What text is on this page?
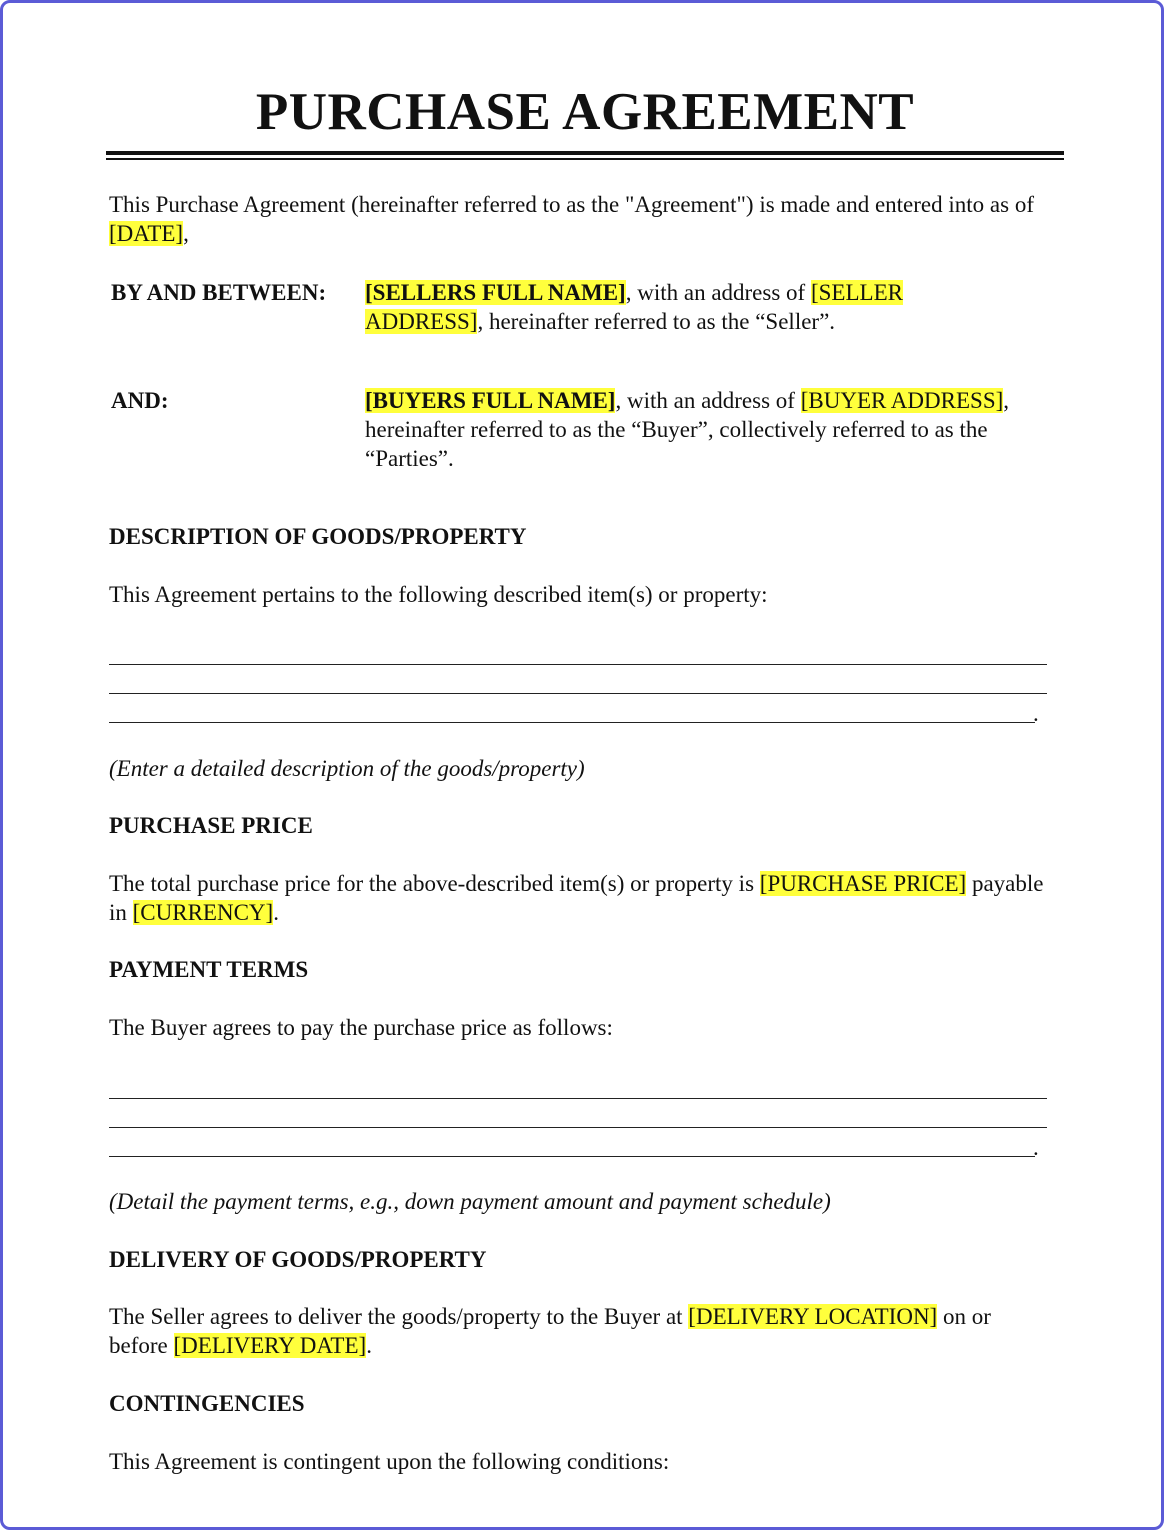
PURCHASE AGREEMENT
This Purchase Agreement (hereinafter referred to as the "Agreement") is made and entered into as of [DATE],
BY AND BETWEEN:	[SELLERS FULL NAME], with an address of [SELLER ADDRESS], hereinafter referred to as the “Seller”.
AND:	[BUYERS FULL NAME], with an address of [BUYER ADDRESS], hereinafter referred to as the “Buyer”, collectively referred to as the “Parties”.
DESCRIPTION OF GOODS/PROPERTY
This Agreement pertains to the following described item(s) or property:
.
(Enter a detailed description of the goods/property)
PURCHASE PRICE
The total purchase price for the above-described item(s) or property is [PURCHASE PRICE] payable in [CURRENCY].
PAYMENT TERMS
The Buyer agrees to pay the purchase price as follows:
.
(Detail the payment terms, e.g., down payment amount and payment schedule)
DELIVERY OF GOODS/PROPERTY
The Seller agrees to deliver the goods/property to the Buyer at [DELIVERY LOCATION] on or before [DELIVERY DATE].
CONTINGENCIES
This Agreement is contingent upon the following conditions:
